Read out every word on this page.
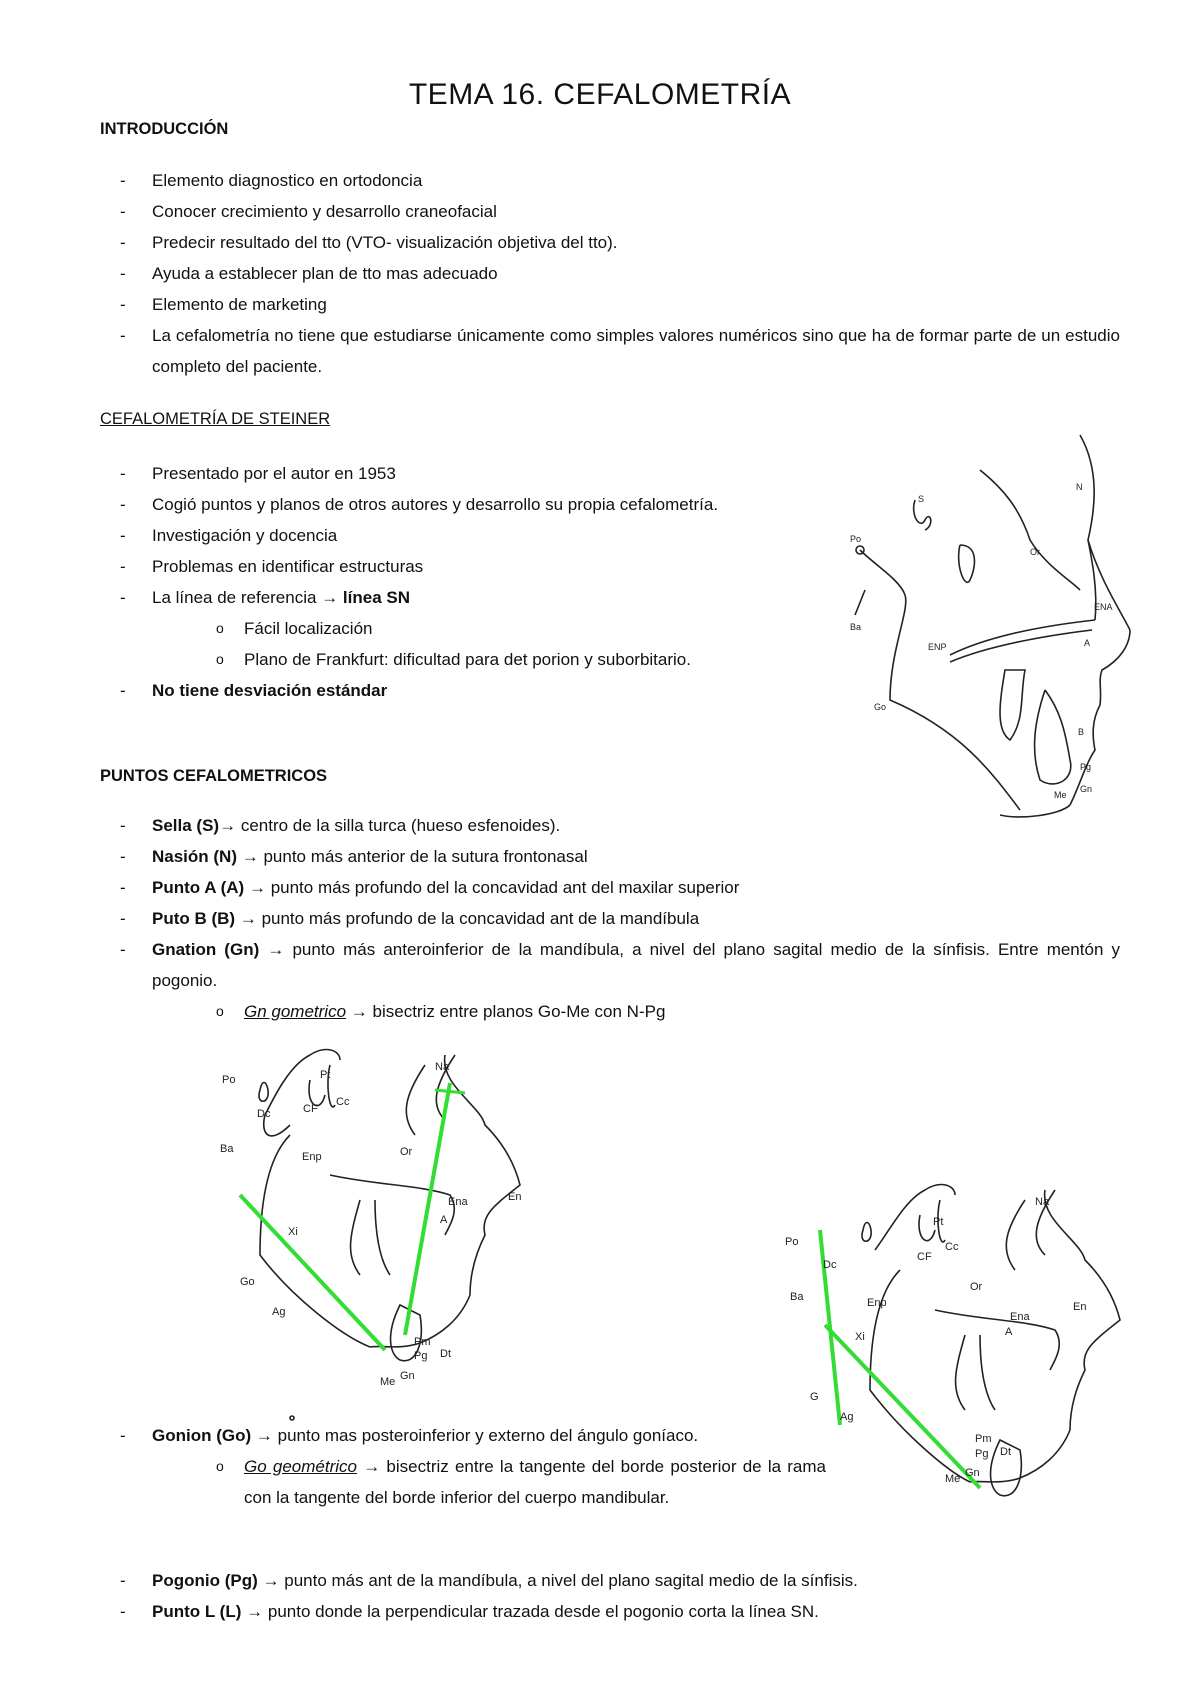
TEMA 16. CEFALOMETRÍA
INTRODUCCIÓN
- Elemento diagnostico en ortodoncia
- Conocer crecimiento y desarrollo craneofacial
- Predecir resultado del tto (VTO- visualización objetiva del tto).
- Ayuda a establecer plan de tto mas adecuado
- Elemento de marketing
- La cefalometría no tiene que estudiarse únicamente como simples valores numéricos sino que ha de formar parte de un estudio completo del paciente.
CEFALOMETRÍA DE STEINER
- Presentado por el autor en 1953
- Cogió puntos y planos de otros autores y desarrollo su propia cefalometría.
- Investigación y docencia
- Problemas en identificar estructuras
- La línea de referencia → línea SN
o Fácil localización
o Plano de Frankfurt: dificultad para det porion y suborbitario.
- No tiene desviación estándar
S
N
Po
Or
ENA
Ba
ENP	A
Go
B
Pg
Gn
Me
PUNTOS CEFALOMETRICOS
- Sella (S)→ centro de la silla turca (hueso esfenoides).
- Nasión (N) → punto más anterior de la sutura frontonasal
- Punto A (A) → punto más profundo del la concavidad ant del maxilar superior
- Puto B (B) → punto más profundo de la concavidad ant de la mandíbula
- Gnation (Gn) → punto más anteroinferior de la mandíbula, a nivel del plano sagital medio de la sínfisis. Entre mentón y pogonio.
o Gn gometrico → bisectriz entre planos Go-Me con N-Pg
Na
Po	Pt
Dc	CF
Cc
Or
Ba
Enp
En
Ena
A
Xi
Go
Ag
Pm
Pg Dt
Me Gn
- Gonion (Go) → punto mas posteroinferior y externo del ángulo goníaco.
o Go geométrico → bisectriz entre la tangente del borde posterior de la rama con la tangente del borde inferior del cuerpo mandibular.
Na
Po
Pt
Dc
CF
Cc
Or
Ba	Enp	En
Ena
A
Xi
G
Ag
Pm
Pg Dt
Me Gn
- Pogonio (Pg) → punto más ant de la mandíbula, a nivel del plano sagital medio de la sínfisis.
- Punto L (L) → punto donde la perpendicular trazada desde el pogonio corta la línea SN.
